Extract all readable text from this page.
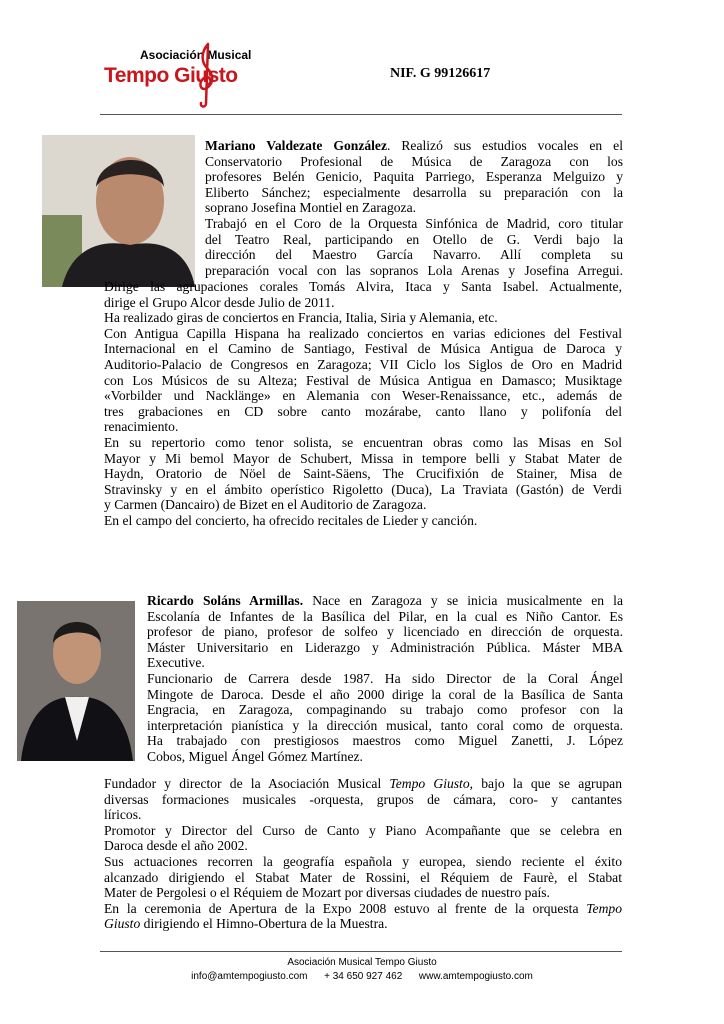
Asociación Musical
Tempo Giusto	NIF. G 99126617
Mariano Valdezate González. Realizó sus estudios vocales en el
Conservatorio Profesional de Música de Zaragoza con los
profesores Belén Genicio, Paquita Parriego, Esperanza Melguizo y
Eliberto Sánchez; especialmente desarrolla su preparación con la
soprano Josefina Montiel en Zaragoza.
Trabajó en el Coro de la Orquesta Sinfónica de Madrid, coro titular
del Teatro Real, participando en Otello de G. Verdi bajo la
dirección del Maestro García Navarro. Allí completa su
preparación vocal con las sopranos Lola Arenas y Josefina Arregui.
Dirige las agrupaciones corales Tomás Alvira, Itaca y Santa Isabel. Actualmente,
dirige el Grupo Alcor desde Julio de 2011.
Ha realizado giras de conciertos en Francia, Italia, Siria y Alemania, etc.
Con Antigua Capilla Hispana ha realizado conciertos en varias ediciones del Festival
Internacional en el Camino de Santiago, Festival de Música Antigua de Daroca y
Auditorio-Palacio de Congresos en Zaragoza; VII Ciclo los Siglos de Oro en Madrid
con Los Músicos de su Alteza; Festival de Música Antigua en Damasco; Musiktage
«Vorbilder und Nacklänge» en Alemania con Weser-Renaissance, etc., además de
tres grabaciones en CD sobre canto mozárabe, canto llano y polifonía del
renacimiento.
En su repertorio como tenor solista, se encuentran obras como las Misas en Sol
Mayor y Mi bemol Mayor de Schubert, Missa in tempore belli y Stabat Mater de
Haydn, Oratorio de Nöel de Saint-Säens, The Crucifixión de Stainer, Misa de
Stravinsky y en el ámbito operístico Rigoletto (Duca), La Traviata (Gastón) de Verdi
y Carmen (Dancairo) de Bizet en el Auditorio de Zaragoza.
En el campo del concierto, ha ofrecido recitales de Lieder y canción.
Ricardo Soláns Armillas. Nace en Zaragoza y se inicia musicalmente en la
Escolanía de Infantes de la Basílica del Pilar, en la cual es Niño Cantor. Es
profesor de piano, profesor de solfeo y licenciado en dirección de orquesta.
Máster Universitario en Liderazgo y Administración Pública. Máster MBA
Executive.
Funcionario de Carrera desde 1987. Ha sido Director de la Coral Ángel
Mingote de Daroca. Desde el año 2000 dirige la coral de la Basílica de Santa
Engracia, en Zaragoza, compaginando su trabajo como profesor con la
interpretación pianística y la dirección musical, tanto coral como de orquesta.
Ha trabajado con prestigiosos maestros como Miguel Zanetti, J. López
Cobos, Miguel Ángel Gómez Martínez.
Fundador y director de la Asociación Musical Tempo Giusto, bajo la que se agrupan
diversas formaciones musicales -orquesta, grupos de cámara, coro- y cantantes
líricos.
Promotor y Director del Curso de Canto y Piano Acompañante que se celebra en
Daroca desde el año 2002.
Sus actuaciones recorren la geografía española y europea, siendo reciente el éxito
alcanzado dirigiendo el Stabat Mater de Rossini, el Réquiem de Faurè, el Stabat
Mater de Pergolesi o el Réquiem de Mozart por diversas ciudades de nuestro país.
En la ceremonia de Apertura de la Expo 2008 estuvo al frente de la orquesta Tempo
Giusto dirigiendo el Himno-Obertura de la Muestra.
Asociación Musical Tempo Giusto
info@amtempogiusto.com      + 34 650 927 462      www.amtempogiusto.com
